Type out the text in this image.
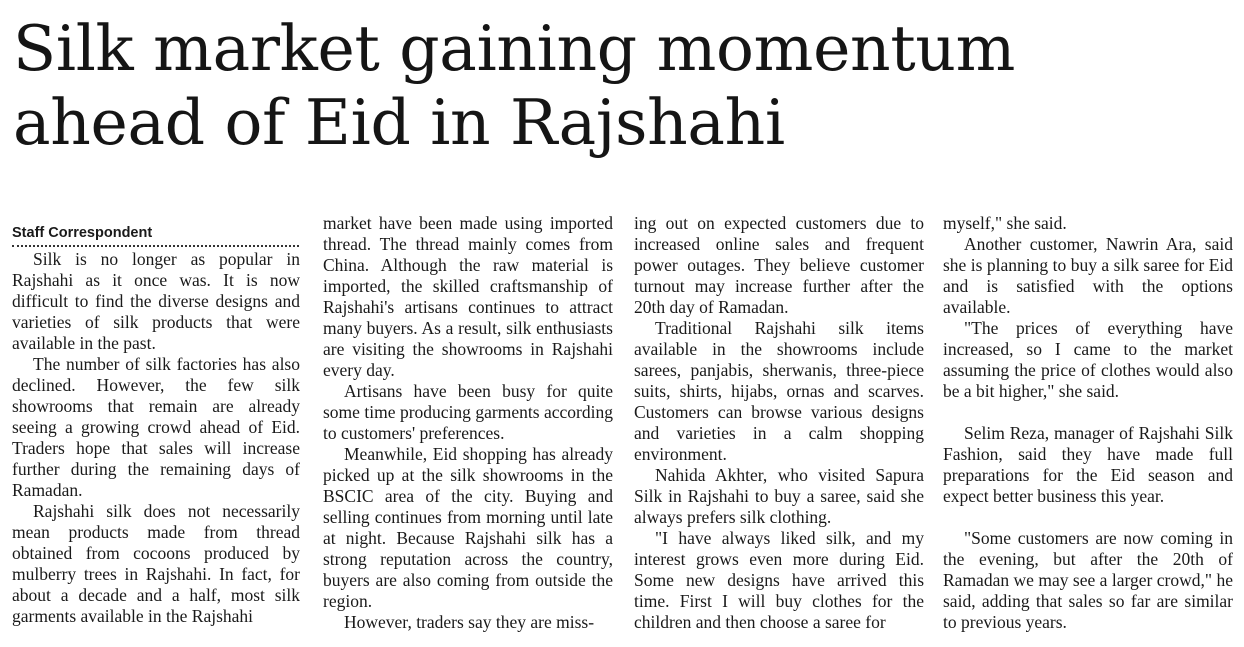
Silk market gaining momentum
ahead of Eid in Rajshahi
Staff Correspondent

Silk is no longer as popular in Rajshahi as it once was. It is now difficult to find the diverse designs and varieties of silk products that were available in the past.

The number of silk factories has also declined. However, the few silk showrooms that remain are already seeing a growing crowd ahead of Eid. Traders hope that sales will increase further during the remaining days of Ramadan.

Rajshahi silk does not necessarily mean products made from thread obtained from cocoons produced by mulberry trees in Rajshahi. In fact, for about a decade and a half, most silk garments available in the Rajshahi

market have been made using imported thread. The thread mainly comes from China. Although the raw material is imported, the skilled craftsmanship of Rajshahi's artisans continues to attract many buyers. As a result, silk enthusiasts are visiting the showrooms in Rajshahi every day.

Artisans have been busy for quite some time producing garments according to customers' preferences.

Meanwhile, Eid shopping has already picked up at the silk showrooms in the BSCIC area of the city. Buying and selling continues from morning until late at night. Because Rajshahi silk has a strong reputation across the country, buyers are also coming from outside the region.

However, traders say they are miss-

ing out on expected customers due to increased online sales and frequent power outages. They believe customer turnout may increase further after the 20th day of Ramadan.

Traditional Rajshahi silk items available in the showrooms include sarees, panjabis, sherwanis, three-piece suits, shirts, hijabs, ornas and scarves. Customers can browse various designs and varieties in a calm shopping environment.

Nahida Akhter, who visited Sapura Silk in Rajshahi to buy a saree, said she always prefers silk clothing.

"I have always liked silk, and my interest grows even more during Eid. Some new designs have arrived this time. First I will buy clothes for the children and then choose a saree for

myself," she said.

Another customer, Nawrin Ara, said she is planning to buy a silk saree for Eid and is satisfied with the options available.

"The prices of everything have increased, so I came to the market assuming the price of clothes would also be a bit higher," she said.

Selim Reza, manager of Rajshahi Silk Fashion, said they have made full preparations for the Eid season and expect better business this year.

"Some customers are now coming in the evening, but after the 20th of Ramadan we may see a larger crowd," he said, adding that sales so far are similar to previous years.
